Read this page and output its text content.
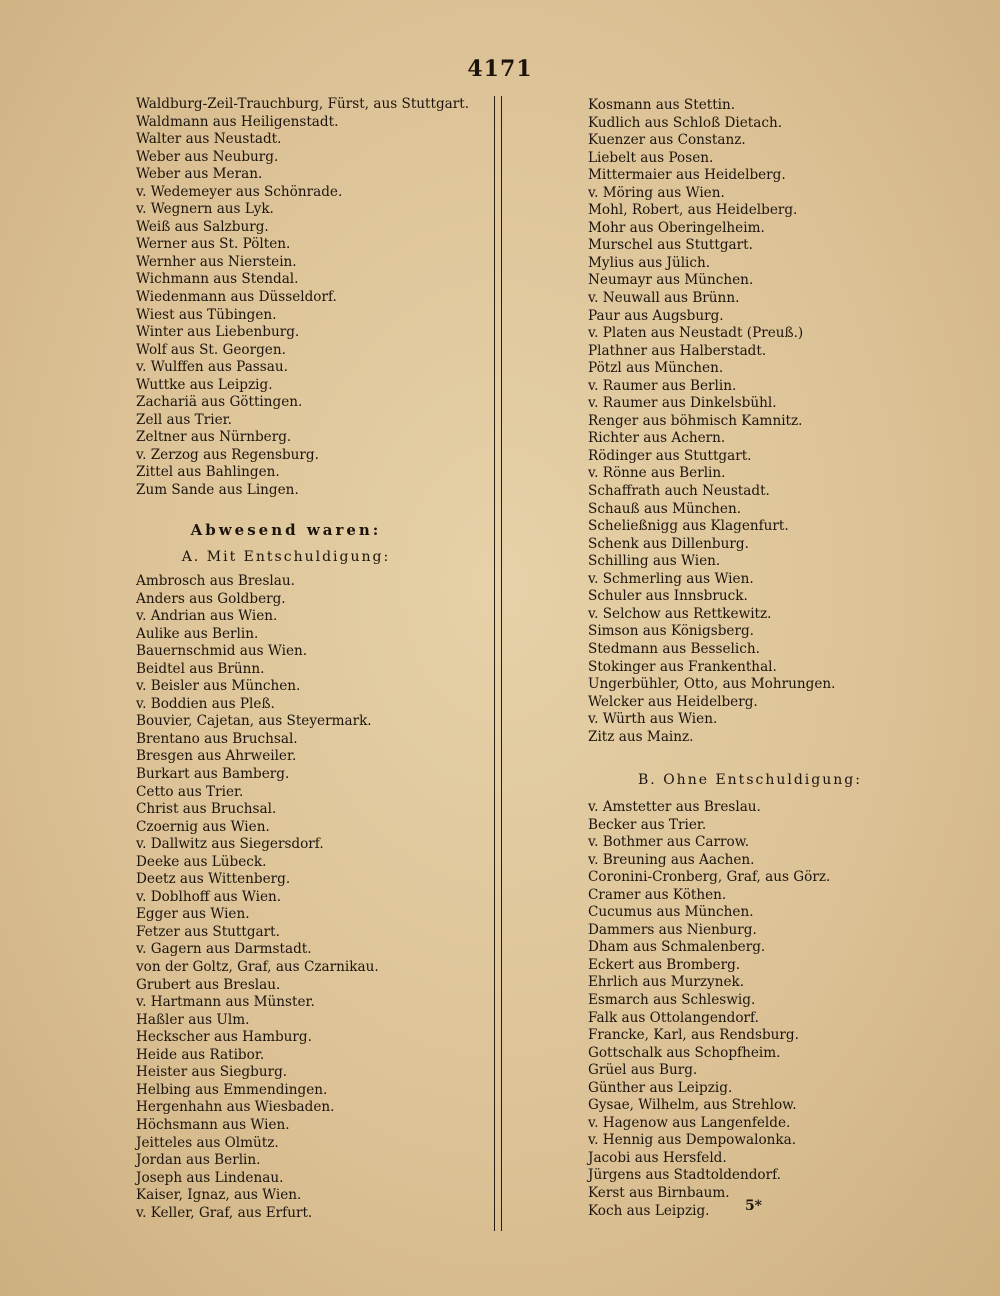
4171
Waldburg-Zeil-Trauchburg, Fürst, aus Stuttgart.
Waldmann aus Heiligenstadt.
Walter aus Neustadt.
Weber aus Neuburg.
Weber aus Meran.
v. Wedemeyer aus Schönrade.
v. Wegnern aus Lyk.
Weiß aus Salzburg.
Werner aus St. Pölten.
Wernher aus Nierstein.
Wichmann aus Stendal.
Wiedenmann aus Düsseldorf.
Wiest aus Tübingen.
Winter aus Liebenburg.
Wolf aus St. Georgen.
v. Wulffen aus Passau.
Wuttke aus Leipzig.
Zachariä aus Göttingen.
Zell aus Trier.
Zeltner aus Nürnberg.
v. Zerzog aus Regensburg.
Zittel aus Bahlingen.
Zum Sande aus Lingen.
Abwesend waren:
A. Mit Entschuldigung:
Ambrosch aus Breslau.
Anders aus Goldberg.
v. Andrian aus Wien.
Aulike aus Berlin.
Bauernschmid aus Wien.
Beidtel aus Brünn.
v. Beisler aus München.
v. Boddien aus Pleß.
Bouvier, Cajetan, aus Steyermark.
Brentano aus Bruchsal.
Bresgen aus Ahrweiler.
Burkart aus Bamberg.
Cetto aus Trier.
Christ aus Bruchsal.
Czoernig aus Wien.
v. Dallwitz aus Siegersdorf.
Deeke aus Lübeck.
Deetz aus Wittenberg.
v. Doblhoff aus Wien.
Egger aus Wien.
Fetzer aus Stuttgart.
v. Gagern aus Darmstadt.
von der Goltz, Graf, aus Czarnikau.
Grubert aus Breslau.
v. Hartmann aus Münster.
Haßler aus Ulm.
Heckscher aus Hamburg.
Heide aus Ratibor.
Heister aus Siegburg.
Helbing aus Emmendingen.
Hergenhahn aus Wiesbaden.
Höchsmann aus Wien.
Jeitteles aus Olmütz.
Jordan aus Berlin.
Joseph aus Lindenau.
Kaiser, Ignaz, aus Wien.
v. Keller, Graf, aus Erfurt.
Kosmann aus Stettin.
Kudlich aus Schloß Dietach.
Kuenzer aus Constanz.
Liebelt aus Posen.
Mittermaier aus Heidelberg.
v. Möring aus Wien.
Mohl, Robert, aus Heidelberg.
Mohr aus Oberingelheim.
Murschel aus Stuttgart.
Mylius aus Jülich.
Neumayr aus München.
v. Neuwall aus Brünn.
Paur aus Augsburg.
v. Platen aus Neustadt (Preuß.)
Plathner aus Halberstadt.
Pötzl aus München.
v. Raumer aus Berlin.
v. Raumer aus Dinkelsbühl.
Renger aus böhmisch Kamnitz.
Richter aus Achern.
Rödinger aus Stuttgart.
v. Rönne aus Berlin.
Schaffrath auch Neustadt.
Schauß aus München.
Scheließnigg aus Klagenfurt.
Schenk aus Dillenburg.
Schilling aus Wien.
v. Schmerling aus Wien.
Schuler aus Innsbruck.
v. Selchow aus Rettkewitz.
Simson aus Königsberg.
Stedmann aus Besselich.
Stokinger aus Frankenthal.
Ungerbühler, Otto, aus Mohrungen.
Welcker aus Heidelberg.
v. Würth aus Wien.
Zitz aus Mainz.
B. Ohne Entschuldigung:
v. Amstetter aus Breslau.
Becker aus Trier.
v. Bothmer aus Carrow.
v. Breuning aus Aachen.
Coronini-Cronberg, Graf, aus Görz.
Cramer aus Köthen.
Cucumus aus München.
Dammers aus Nienburg.
Dham aus Schmalenberg.
Eckert aus Bromberg.
Ehrlich aus Murzynek.
Esmarch aus Schleswig.
Falk aus Ottolangendorf.
Francke, Karl, aus Rendsburg.
Gottschalk aus Schopfheim.
Grüel aus Burg.
Günther aus Leipzig.
Gysae, Wilhelm, aus Strehlow.
v. Hagenow aus Langenfelde.
v. Hennig aus Dempowalonka.
Jacobi aus Hersfeld.
Jürgens aus Stadtoldendorf.
Kerst aus Birnbaum.
Koch aus Leipzig.	5*
